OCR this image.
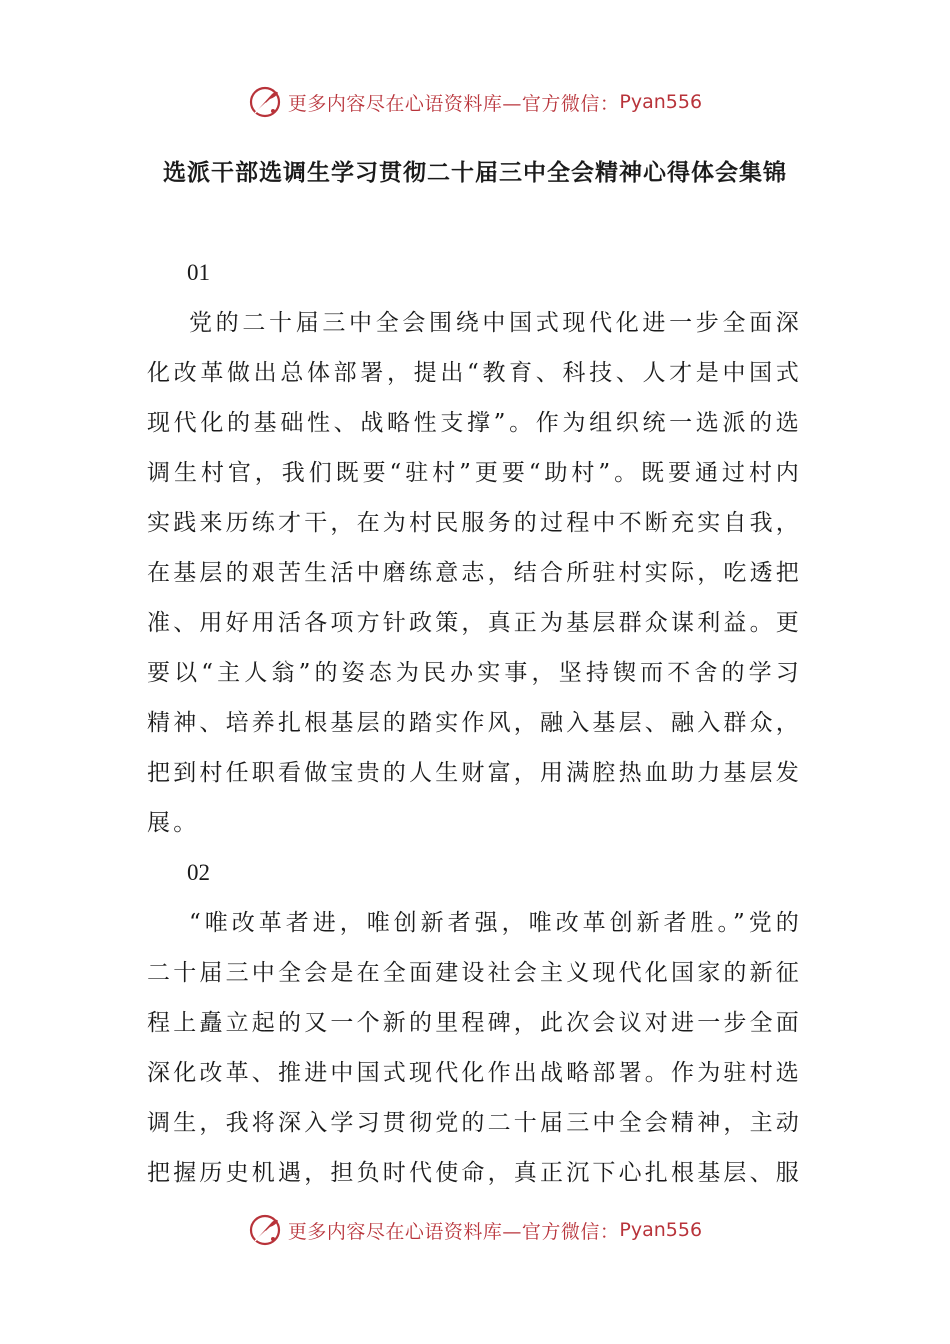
更多内容尽在心语资料库—官方微信： Pyan556
选派干部选调生学习贯彻二十届三中全会精神心得体会集锦

01

党的二十届三中全会围绕中国式现代化进一步全面深化改革做出总体部署，提出“教育、科技、人才是中国式现代化的基础性、战略性支撑”。作为组织统一选派的选调生村官，我们既要“驻村”更要“助村”。既要通过村内实践来历练才干，在为村民服务的过程中不断充实自我，在基层的艰苦生活中磨练意志，结合所驻村实际，吃透把准、用好用活各项方针政策，真正为基层群众谋利益。更要以“主人翁”的姿态为民办实事，坚持锲而不舍的学习精神、培养扎根基层的踏实作风，融入基层、融入群众，把到村任职看做宝贵的人生财富，用满腔热血助力基层发展。

02

“唯改革者进，唯创新者强，唯改革创新者胜。”党的二十届三中全会是在全面建设社会主义现代化国家的新征程上矗立起的又一个新的里程碑，此次会议对进一步全面深化改革、推进中国式现代化作出战略部署。作为驻村选调生，我将深入学习贯彻党的二十届三中全会精神，主动把握历史机遇，担负时代使命，真正沉下心扎根基层、服

更多内容尽在心语资料库—官方微信： Pyan556
